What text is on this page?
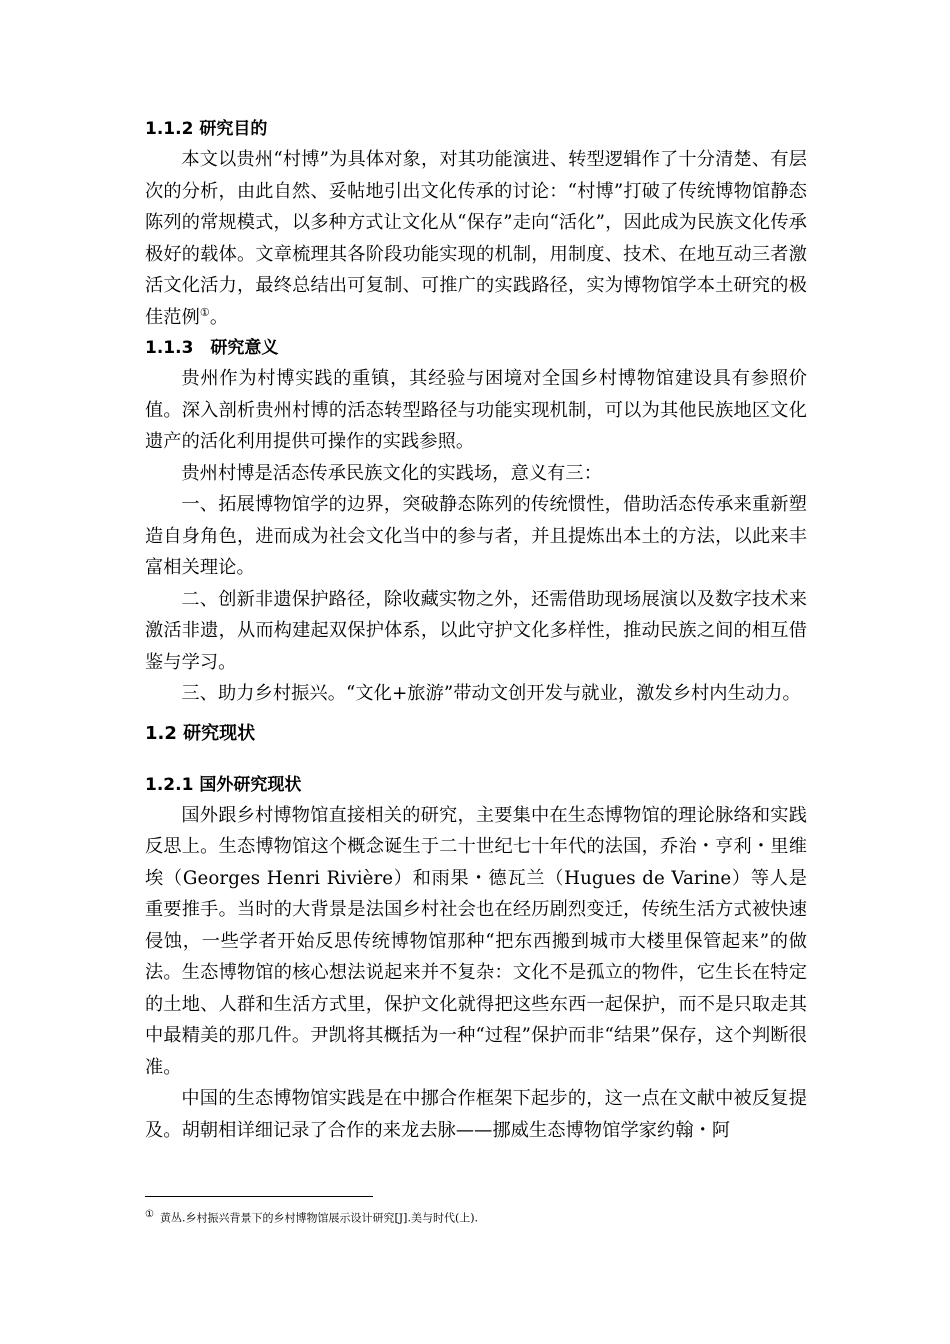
1.1.2 研究目的

本文以贵州“村博”为具体对象，对其功能演进、转型逻辑作了十分清楚、有层次的分析，由此自然、妥帖地引出文化传承的讨论：“村博”打破了传统博物馆静态陈列的常规模式，以多种方式让文化从“保存”走向“活化”，因此成为民族文化传承极好的载体。文章梳理其各阶段功能实现的机制，用制度、技术、在地互动三者激活文化活力，最终总结出可复制、可推广的实践路径，实为博物馆学本土研究的极佳范例①。

1.1.3　研究意义

贵州作为村博实践的重镇，其经验与困境对全国乡村博物馆建设具有参照价值。深入剖析贵州村博的活态转型路径与功能实现机制，可以为其他民族地区文化遗产的活化利用提供可操作的实践参照。

贵州村博是活态传承民族文化的实践场，意义有三：

一、拓展博物馆学的边界，突破静态陈列的传统惯性，借助活态传承来重新塑造自身角色，进而成为社会文化当中的参与者，并且提炼出本土的方法，以此来丰富相关理论。

二、创新非遗保护路径，除收藏实物之外，还需借助现场展演以及数字技术来激活非遗，从而构建起双保护体系，以此守护文化多样性，推动民族之间的相互借鉴与学习。

三、助力乡村振兴。“文化+旅游”带动文创开发与就业，激发乡村内生动力。

1.2 研究现状
1.2.1 国外研究现状

国外跟乡村博物馆直接相关的研究，主要集中在生态博物馆的理论脉络和实践反思上。生态博物馆这个概念诞生于二十世纪七十年代的法国，乔治・亨利・里维埃（Georges Henri Rivière）和雨果・德瓦兰（Hugues de Varine）等人是重要推手。当时的大背景是法国乡村社会也在经历剧烈变迁，传统生活方式被快速侵蚀，一些学者开始反思传统博物馆那种“把东西搬到城市大楼里保管起来”的做法。生态博物馆的核心想法说起来并不复杂：文化不是孤立的物件，它生长在特定的土地、人群和生活方式里，保护文化就得把这些东西一起保护，而不是只取走其中最精美的那几件。尹凯将其概括为一种“过程”保护而非“结果”保存，这个判断很准。

中国的生态博物馆实践是在中挪合作框架下起步的，这一点在文献中被反复提及。胡朝相详细记录了合作的来龙去脉——挪威生态博物馆学家约翰・阿

① 黄丛.乡村振兴背景下的乡村博物馆展示设计研究[J].美与时代(上).
